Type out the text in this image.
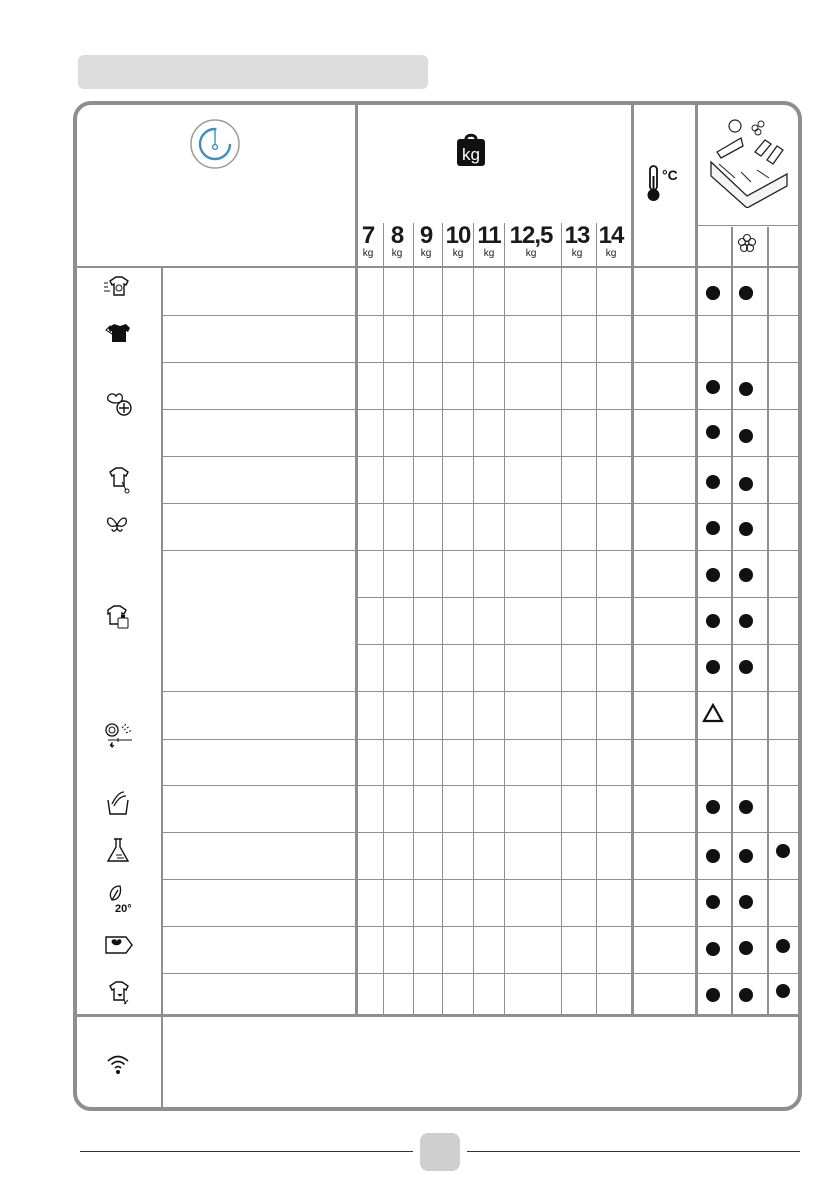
kg
°C
7
kg
8
kg
9
kg
10
kg
11
kg
12,5
kg
13
kg
14
kg
20°
